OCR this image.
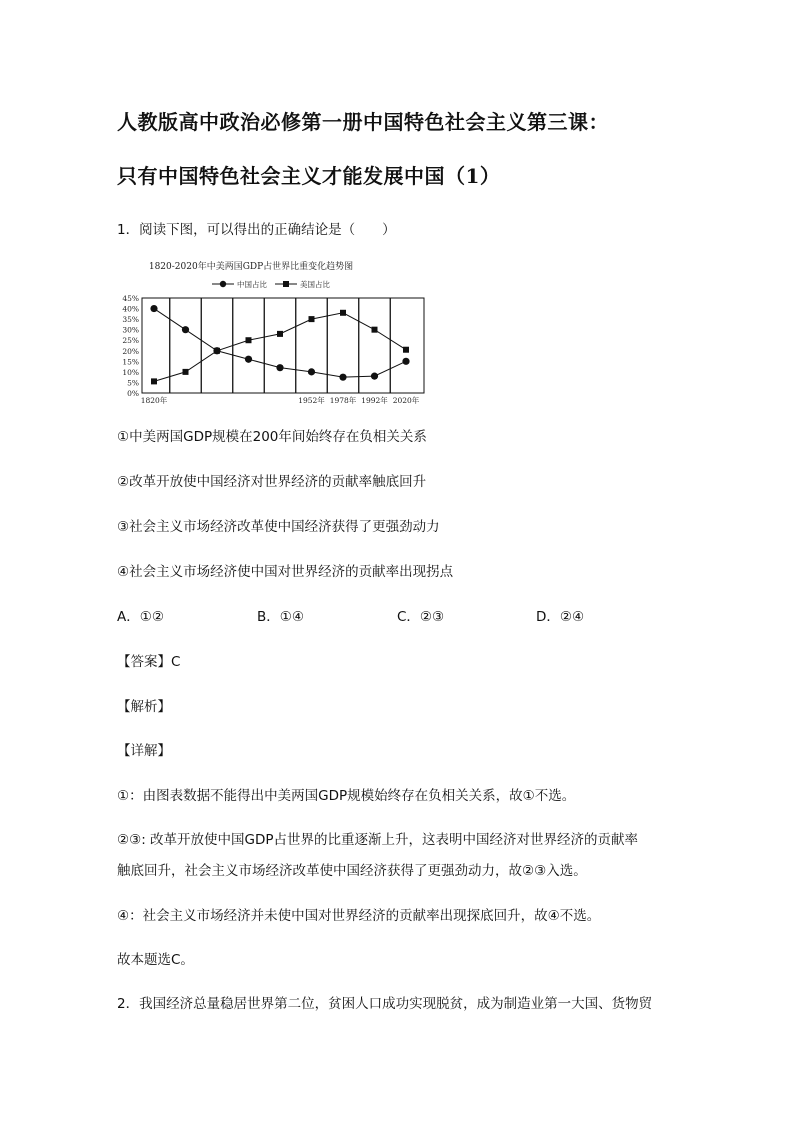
人教版高中政治必修第一册中国特色社会主义第三课：
只有中国特色社会主义才能发展中国（1）
1．阅读下图，可以得出的正确结论是（　　）
1820-2020年中美两国GDP占世界比重变化趋势图
中国占比	美国占比
45%
40%
35%
30%
25%
20%
15%
10%
5%
0%
1820年	1952年 1978年 1992年 2020年
①中美两国GDP规模在200年间始终存在负相关关系
②改革开放使中国经济对世界经济的贡献率触底回升
③社会主义市场经济改革使中国经济获得了更强劲动力
④社会主义市场经济使中国对世界经济的贡献率出现拐点
A．①②	B．①④	C．②③	D．②④
【答案】C
【解析】
【详解】
①：由图表数据不能得出中美两国GDP规模始终存在负相关关系，故①不选。
②③: 改革开放使中国GDP占世界的比重逐渐上升，这表明中国经济对世界经济的贡献率
触底回升，社会主义市场经济改革使中国经济获得了更强劲动力，故②③入选。
④：社会主义市场经济并未使中国对世界经济的贡献率出现探底回升，故④不选。
故本题选C。
2．我国经济总量稳居世界第二位，贫困人口成功实现脱贫，成为制造业第一大国、货物贸
